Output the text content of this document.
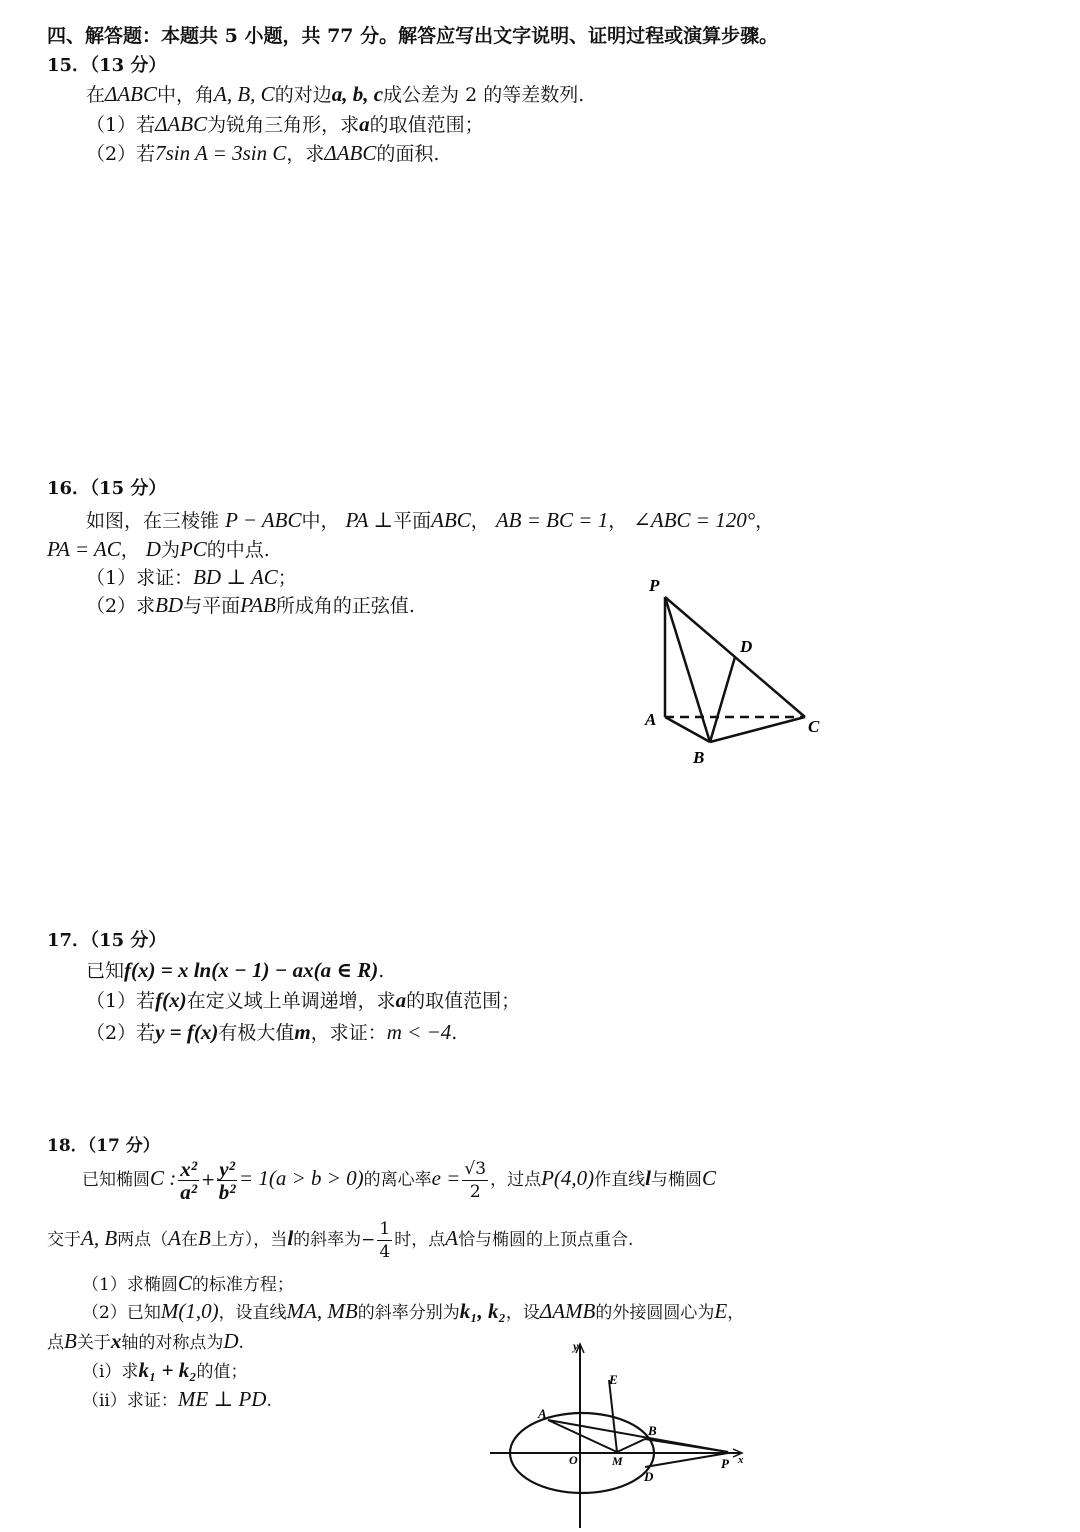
四、解答题：本题共 5 小题，共 77 分。解答应写出文字说明、证明过程或演算步骤。
15．（13 分）
在ΔABC中，角A, B, C的对边a, b, c成公差为 2 的等差数列.
（1）若ΔABC为锐角三角形，求a的取值范围；
（2）若7sin A = 3sin C，求ΔABC的面积.
16．（15 分）
如图，在三棱锥 P − ABC中， PA ⊥平面ABC， AB = BC = 1， ∠ABC = 120°，
PA = AC， D为PC的中点.
（1）求证：BD ⊥ AC；
（2）求BD与平面PAB所成角的正弦值.
P
D
A	C
B
17．（15 分）
已知f(x) = x ln(x − 1) − ax(a ∈ R).
（1）若f(x)在定义域上单调递增，求a的取值范围；
（2）若y = f(x)有极大值m，求证：m < −4.
18．（17 分）
已知椭圆C : $\frac{\text{x²}}{\text{a²}} + \frac{\text{y²}}{\text{b²}} = 1(a > b > 0)$的离心率$e = \frac{√3}{2}$ ，过点P(4,0)作直线l与椭圆C
交于A, B两点（A在B上方），当l的斜率为− $\frac{1}{4}$ 时，点A恰与椭圆的上顶点重合.
（1）求椭圆C的标准方程；
（2）已知M(1,0)，设直线MA, MB的斜率分别为k₁, k₂，设ΔAMB的外接圆圆心为E，
点B关于x轴的对称点为D.
（i）求k₁ + k₂的值；
（ii）求证：ME ⊥ PD.
y
E
A
B
O	M	P x
D
